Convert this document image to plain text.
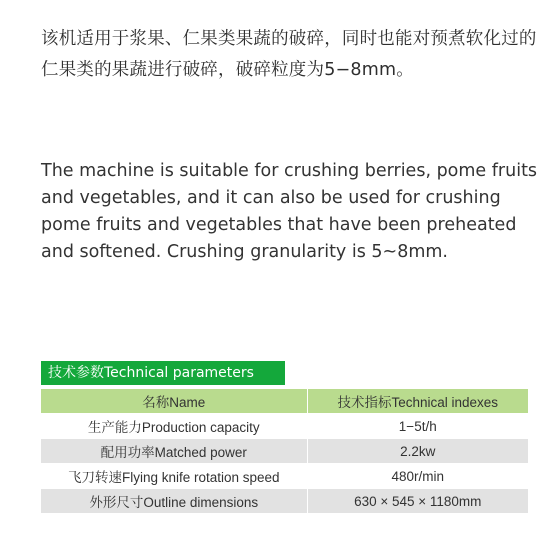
该机适用于浆果、仁果类果蔬的破碎，同时也能对预煮软化过的仁果类的果蔬进行破碎，破碎粒度为5−8mm。

The machine is suitable for crushing berries, pome fruits and vegetables, and it can also be used for crushing pome fruits and vegetables that have been preheated and softened. Crushing granularity is 5~8mm.

技术参数Technical parameters
名称Name	技术指标Technical indexes
生产能力Production capacity	1−5t/h
配用功率Matched power	2.2kw
飞刀转速Flying knife rotation speed	480r/min
外形尺寸Outline dimensions	630 × 545 × 1180mm
